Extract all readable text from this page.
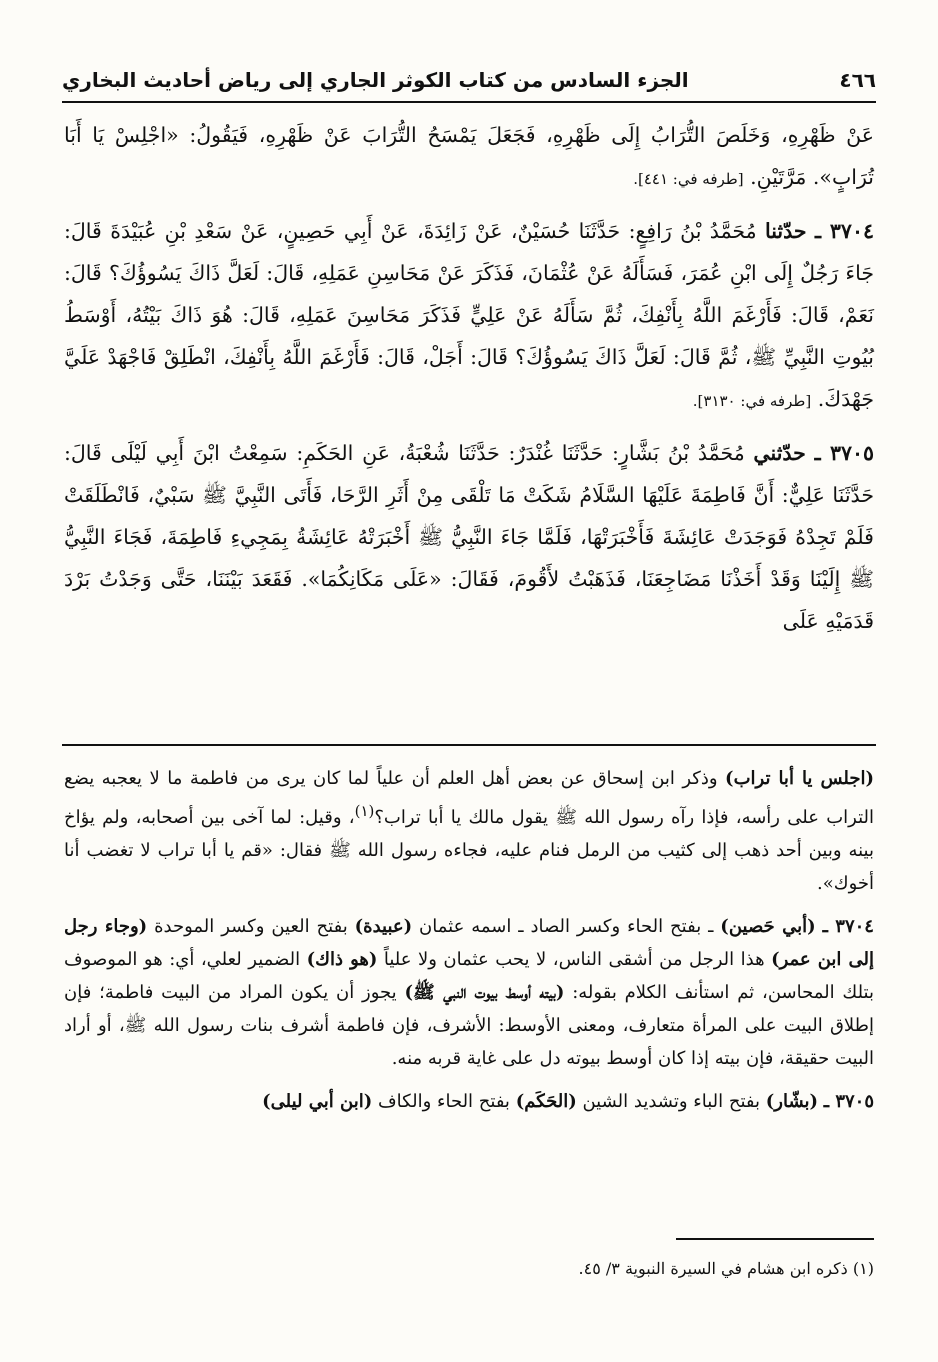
٤٦٦
الجزء السادس من كتاب الكوثر الجاري إلى رياض أحاديث البخاري

عَنْ ظَهْرِهِ، وَخَلَصَ التُّرَابُ إِلَى ظَهْرِهِ، فَجَعَلَ يَمْسَحُ التُّرَابَ عَنْ ظَهْرِهِ، فَيَقُولُ: «اجْلِسْ يَا أَبَا تُرَابٍ». مَرَّتَيْنِ. [طرفه في: ٤٤١].

٣٧٠٤ ـ حدّثنا مُحَمَّدُ بْنُ رَافِعٍ: حَدَّثَنَا حُسَيْنٌ، عَنْ زَائِدَةَ، عَنْ أَبِي حَصِينٍ، عَنْ سَعْدِ بْنِ عُبَيْدَةَ قَالَ: جَاءَ رَجُلٌ إِلَى ابْنِ عُمَرَ، فَسَأَلَهُ عَنْ عُثْمَانَ، فَذَكَرَ عَنْ مَحَاسِنِ عَمَلِهِ، قَالَ: لَعَلَّ ذَاكَ يَسُوؤُكَ؟ قَالَ: نَعَمْ، قَالَ: فَأَرْغَمَ اللَّهُ بِأَنْفِكَ، ثُمَّ سَأَلَهُ عَنْ عَلِيٍّ فَذَكَرَ مَحَاسِنَ عَمَلِهِ، قَالَ: هُوَ ذَاكَ بَيْتُهُ، أَوْسَطُ بُيُوتِ النَّبِيِّ ﷺ، ثُمَّ قَالَ: لَعَلَّ ذَاكَ يَسُوؤُكَ؟ قَالَ: أَجَلْ، قَالَ: فَأَرْغَمَ اللَّهُ بِأَنْفِكَ، انْطَلِقْ فَاجْهَدْ عَلَيَّ جَهْدَكَ. [طرفه في: ٣١٣٠].

٣٧٠٥ ـ حدّثني مُحَمَّدُ بْنُ بَشَّارٍ: حَدَّثَنَا غُنْدَرٌ: حَدَّثَنَا شُعْبَةُ، عَنِ الحَكَمِ: سَمِعْتُ ابْنَ أَبِي لَيْلَى قَالَ: حَدَّثَنَا عَلِيٌّ: أَنَّ فَاطِمَةَ عَلَيْهَا السَّلَامُ شَكَتْ مَا تَلْقَى مِنْ أَثَرِ الرَّحَا، فَأَتَى النَّبِيَّ ﷺ سَبْيٌ، فَانْطَلَقَتْ فَلَمْ تَجِدْهُ فَوَجَدَتْ عَائِشَةَ فَأَخْبَرَتْهَا، فَلَمَّا جَاءَ النَّبِيُّ ﷺ أَخْبَرَتْهُ عَائِشَةُ بِمَجِيءِ فَاطِمَةَ، فَجَاءَ النَّبِيُّ ﷺ إِلَيْنَا وَقَدْ أَخَذْنَا مَضَاجِعَنَا، فَذَهَبْتُ لأَقُومَ، فَقَالَ: «عَلَى مَكَانِكُمَا». فَقَعَدَ بَيْنَنَا، حَتَّى وَجَدْتُ بَرْدَ قَدَمَيْهِ عَلَى

(اجلس يا أبا تراب) وذكر ابن إسحاق عن بعض أهل العلم أن علياً لما كان يرى من فاطمة ما لا يعجبه يضع التراب على رأسه، فإذا رآه رسول الله ﷺ يقول مالك يا أبا تراب؟$^{(١)}$، وقيل: لما آخى بين أصحابه، ولم يؤاخ بينه وبين أحد ذهب إلى كثيب من الرمل فنام عليه، فجاءه رسول الله ﷺ فقال: «قم يا أبا تراب لا تغضب أنا أخوك».

٣٧٠٤ ـ (أبي حَصين) ـ بفتح الحاء وكسر الصاد ـ اسمه عثمان (عبيدة) بفتح العين وكسر الموحدة (وجاء رجل إلى ابن عمر) هذا الرجل من أشقى الناس، لا يحب عثمان ولا علياً (هو ذاك) الضمير لعلي، أي: هو الموصوف بتلك المحاسن، ثم استأنف الكلام بقوله: (بيته أوسط بيوت النبي ﷺ) يجوز أن يكون المراد من البيت فاطمة؛ فإن إطلاق البيت على المرأة متعارف، ومعنى الأوسط: الأشرف، فإن فاطمة أشرف بنات رسول الله ﷺ، أو أراد البيت حقيقة، فإن بيته إذا كان أوسط بيوته دل على غاية قربه منه.

٣٧٠٥ ـ (بشّار) بفتح الباء وتشديد الشين (الحَكَم) بفتح الحاء والكاف (ابن أبي ليلى)

(١) ذكره ابن هشام في السيرة النبوية ٣/ ٤٥.
